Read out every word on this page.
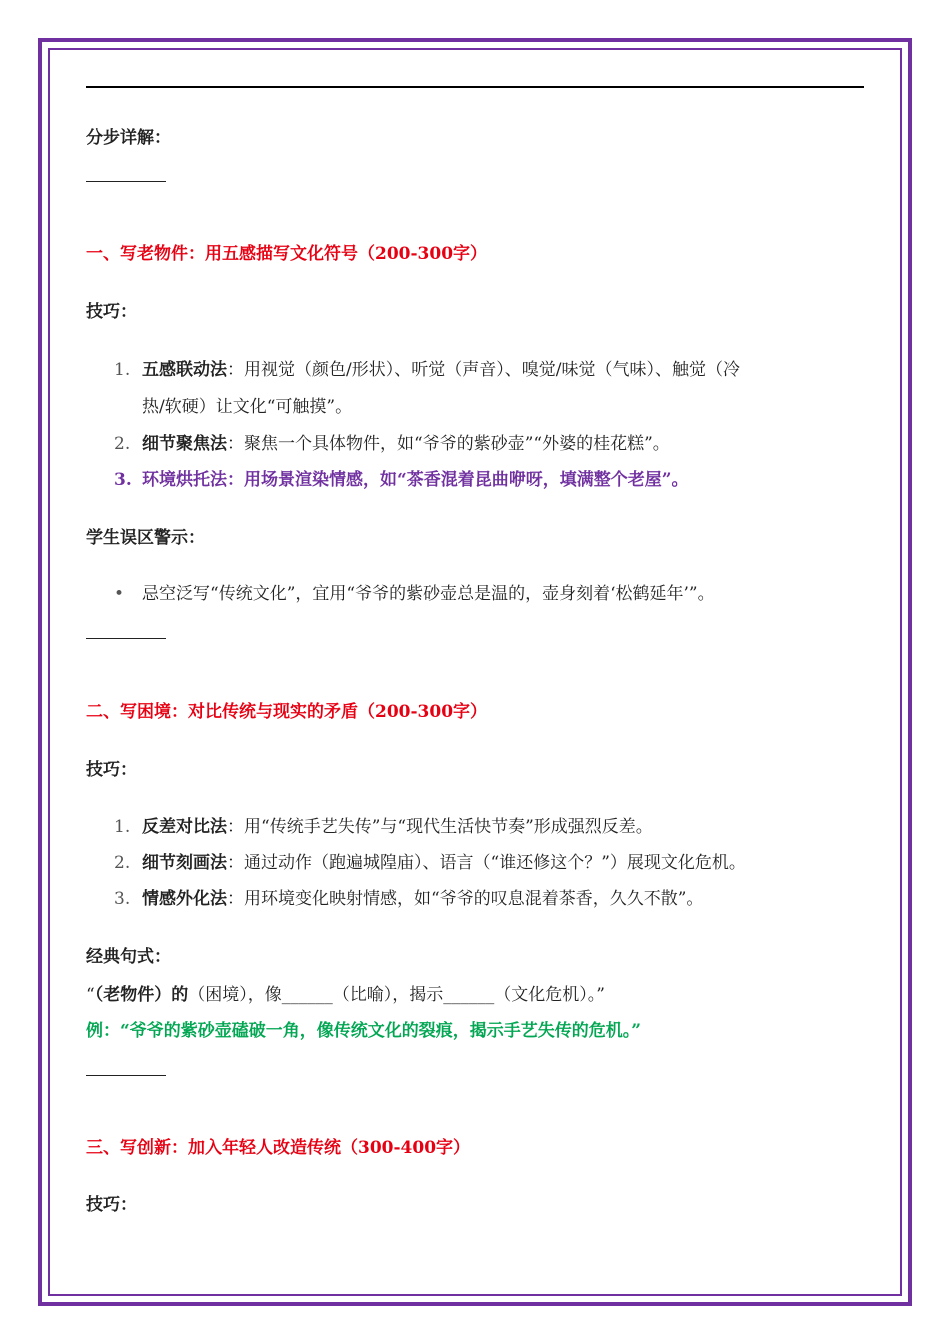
分步详解：
一、写老物件：用五感描写文化符号（200-300字）
技巧：
1. 五感联动法：用视觉（颜色/形状）、听觉（声音）、嗅觉/味觉（气味）、触觉（冷
热/软硬）让文化“可触摸”。
2. 细节聚焦法：聚焦一个具体物件，如“爷爷的紫砂壶”“外婆的桂花糕”。
3. 环境烘托法：用场景渲染情感，如“茶香混着昆曲咿呀，填满整个老屋”。
学生误区警示：
• 忌空泛写“传统文化”，宜用“爷爷的紫砂壶总是温的，壶身刻着‘松鹤延年’”。
二、写困境：对比传统与现实的矛盾（200-300字）
技巧：
1. 反差对比法：用“传统手艺失传”与“现代生活快节奏”形成强烈反差。
2. 细节刻画法：通过动作（跑遍城隍庙）、语言（“谁还修这个？”）展现文化危机。
3. 情感外化法：用环境变化映射情感，如“爷爷的叹息混着茶香，久久不散”。
经典句式：
“（老物件）的（困境），像______（比喻），揭示______（文化危机）。”
例：“爷爷的紫砂壶磕破一角，像传统文化的裂痕，揭示手艺失传的危机。”
三、写创新：加入年轻人改造传统（300-400字）
技巧：
